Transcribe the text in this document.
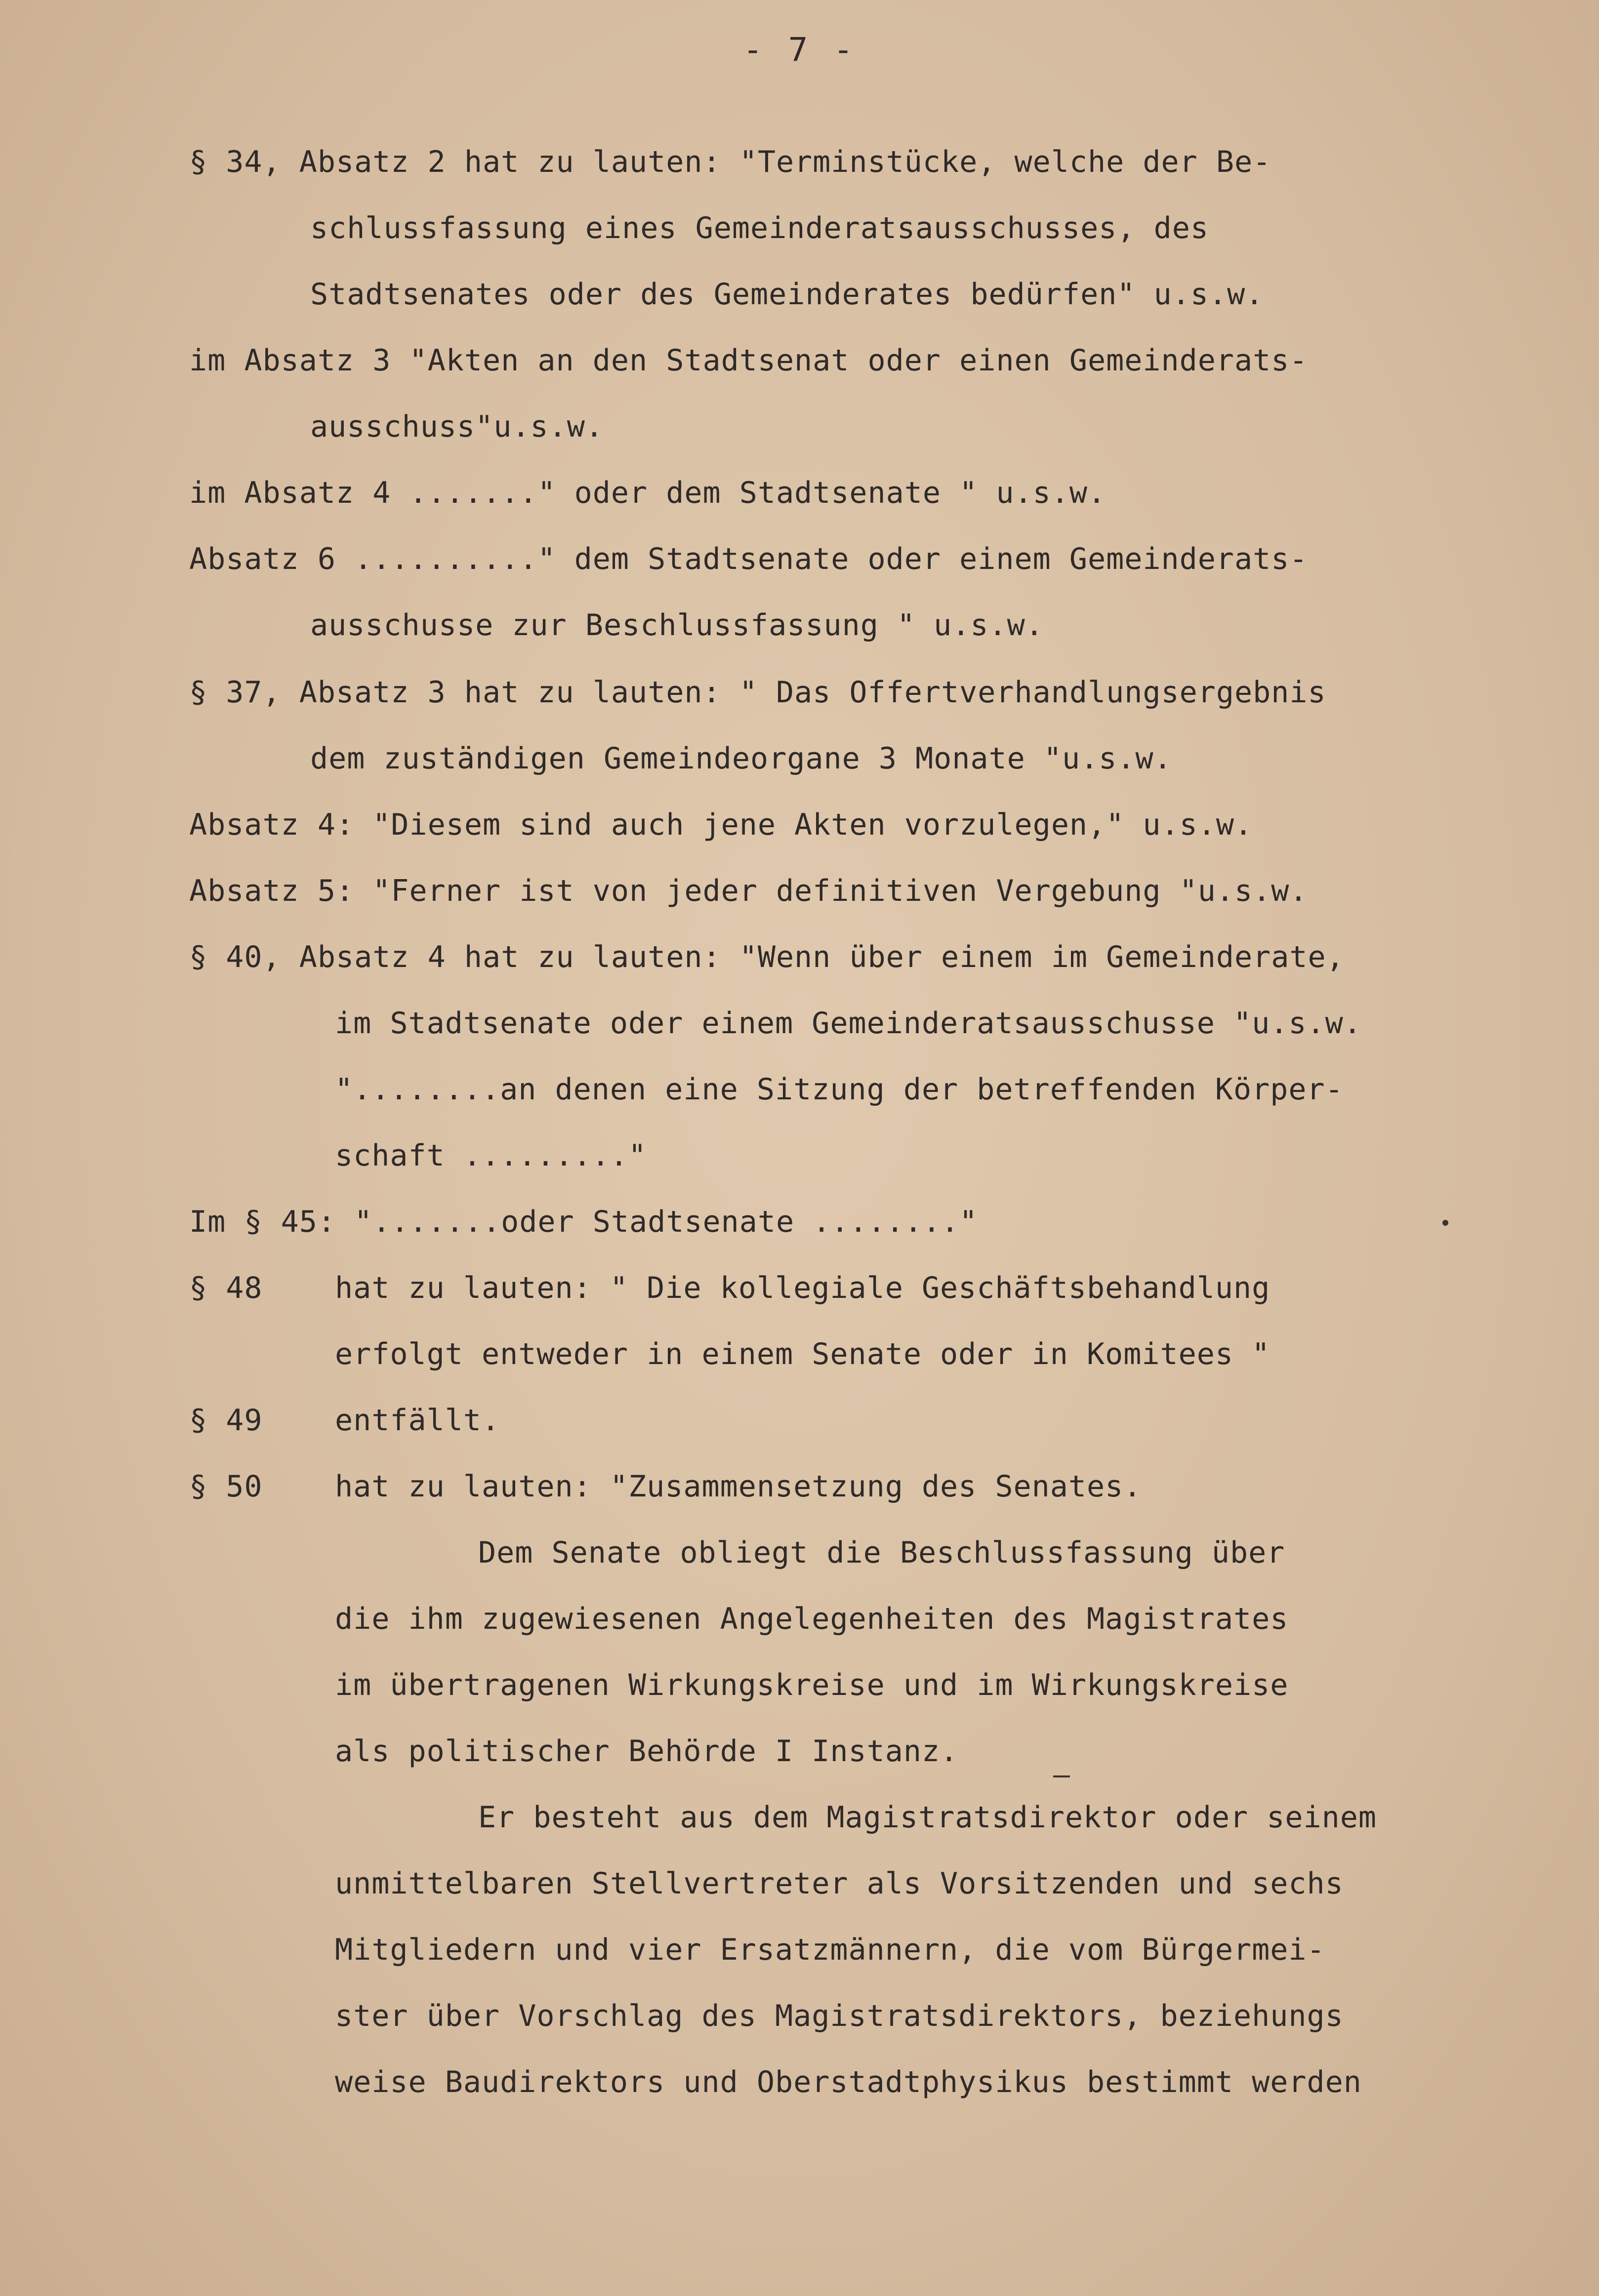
- 7 -
§ 34, Absatz 2 hat zu lauten: "Terminstücke, welche der Be-
schlussfassung eines Gemeinderatsausschusses, des
Stadtsenates oder des Gemeinderates bedürfen" u.s.w.
im Absatz 3 "Akten an den Stadtsenat oder einen Gemeinderats-
ausschuss"u.s.w.
im Absatz 4 ......." oder dem Stadtsenate " u.s.w.
Absatz 6 .........." dem Stadtsenate oder einem Gemeinderats-
ausschusse zur Beschlussfassung " u.s.w.
§ 37, Absatz 3 hat zu lauten: " Das Offertverhandlungsergebnis
dem zuständigen Gemeindeorgane 3 Monate "u.s.w.
Absatz 4: "Diesem sind auch jene Akten vorzulegen," u.s.w.
Absatz 5: "Ferner ist von jeder definitiven Vergebung "u.s.w.
§ 40, Absatz 4 hat zu lauten: "Wenn über einem im Gemeinderate,
im Stadtsenate oder einem Gemeinderatsausschusse "u.s.w.
"........an denen eine Sitzung der betreffenden Körper-
schaft ........."
Im § 45: ".......oder Stadtsenate ........"
§ 48 hat zu lauten: " Die kollegiale Geschäftsbehandlung
erfolgt entweder in einem Senate oder in Komitees "
§ 49 entfällt.
§ 50 hat zu lauten: "Zusammensetzung des Senates.
Dem Senate obliegt die Beschlussfassung über
die ihm zugewiesenen Angelegenheiten des Magistrates
im übertragenen Wirkungskreise und im Wirkungskreise
als politischer Behörde I Instanz.
Er besteht aus dem Magistratsdirektor oder seinem
unmittelbaren Stellvertreter als Vorsitzenden und sechs
Mitgliedern und vier Ersatzmännern, die vom Bürgermei-
ster über Vorschlag des Magistratsdirektors, beziehungs
weise Baudirektors und Oberstadtphysikus bestimmt werden
